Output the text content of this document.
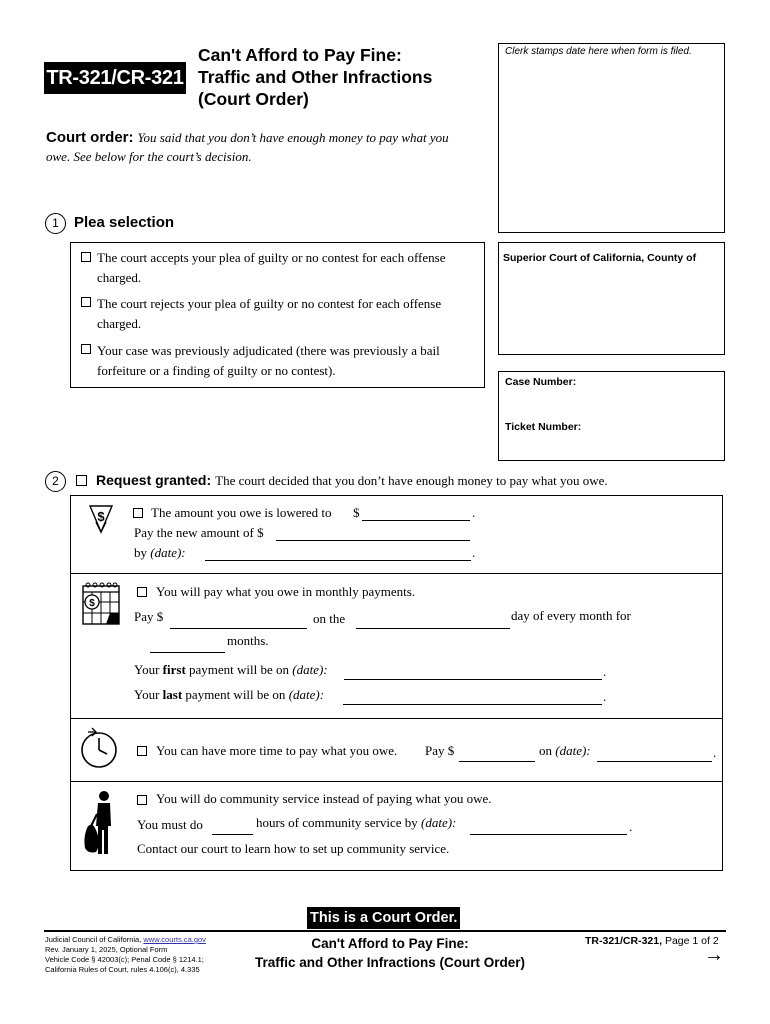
TR-321/CR-321
Can't Afford to Pay Fine:
Traffic and Other Infractions
(Court Order)
Clerk stamps date here when form is filed.
Superior Court of California, County of
Case Number:
Ticket Number:
Court order: You said that you don’t have enough money to pay what you
owe. See below for the court’s decision.
1	Plea selection
The court accepts your plea of guilty or no contest for each offense
charged.
The court rejects your plea of guilty or no contest for each offense
charged.
Your case was previously adjudicated (there was previously a bail
forfeiture or a finding of guilty or no contest).
2	Request granted: The court decided that you don’t have enough money to pay what you owe.
$	The amount you owe is lowered to $	.
Pay the new amount of $
by (date):	.
$
You will pay what you owe in monthly payments.
Pay $	on the	day of every month for
months.
Your first payment will be on (date):	.
Your last payment will be on (date):	.
You can have more time to pay what you owe. Pay $	on (date):	.
You will do community service instead of paying what you owe.
You must do	hours of community service by (date):	.
Contact our court to learn how to set up community service.
This is a Court Order.
Judicial Council of California, www.courts.ca.gov
Rev. January 1, 2025, Optional Form
Vehicle Code § 42003(c); Penal Code § 1214.1;
California Rules of Court, rules 4.106(c), 4.335
Can't Afford to Pay Fine:
Traffic and Other Infractions (Court Order)
TR-321/CR-321, Page 1 of 2
→
